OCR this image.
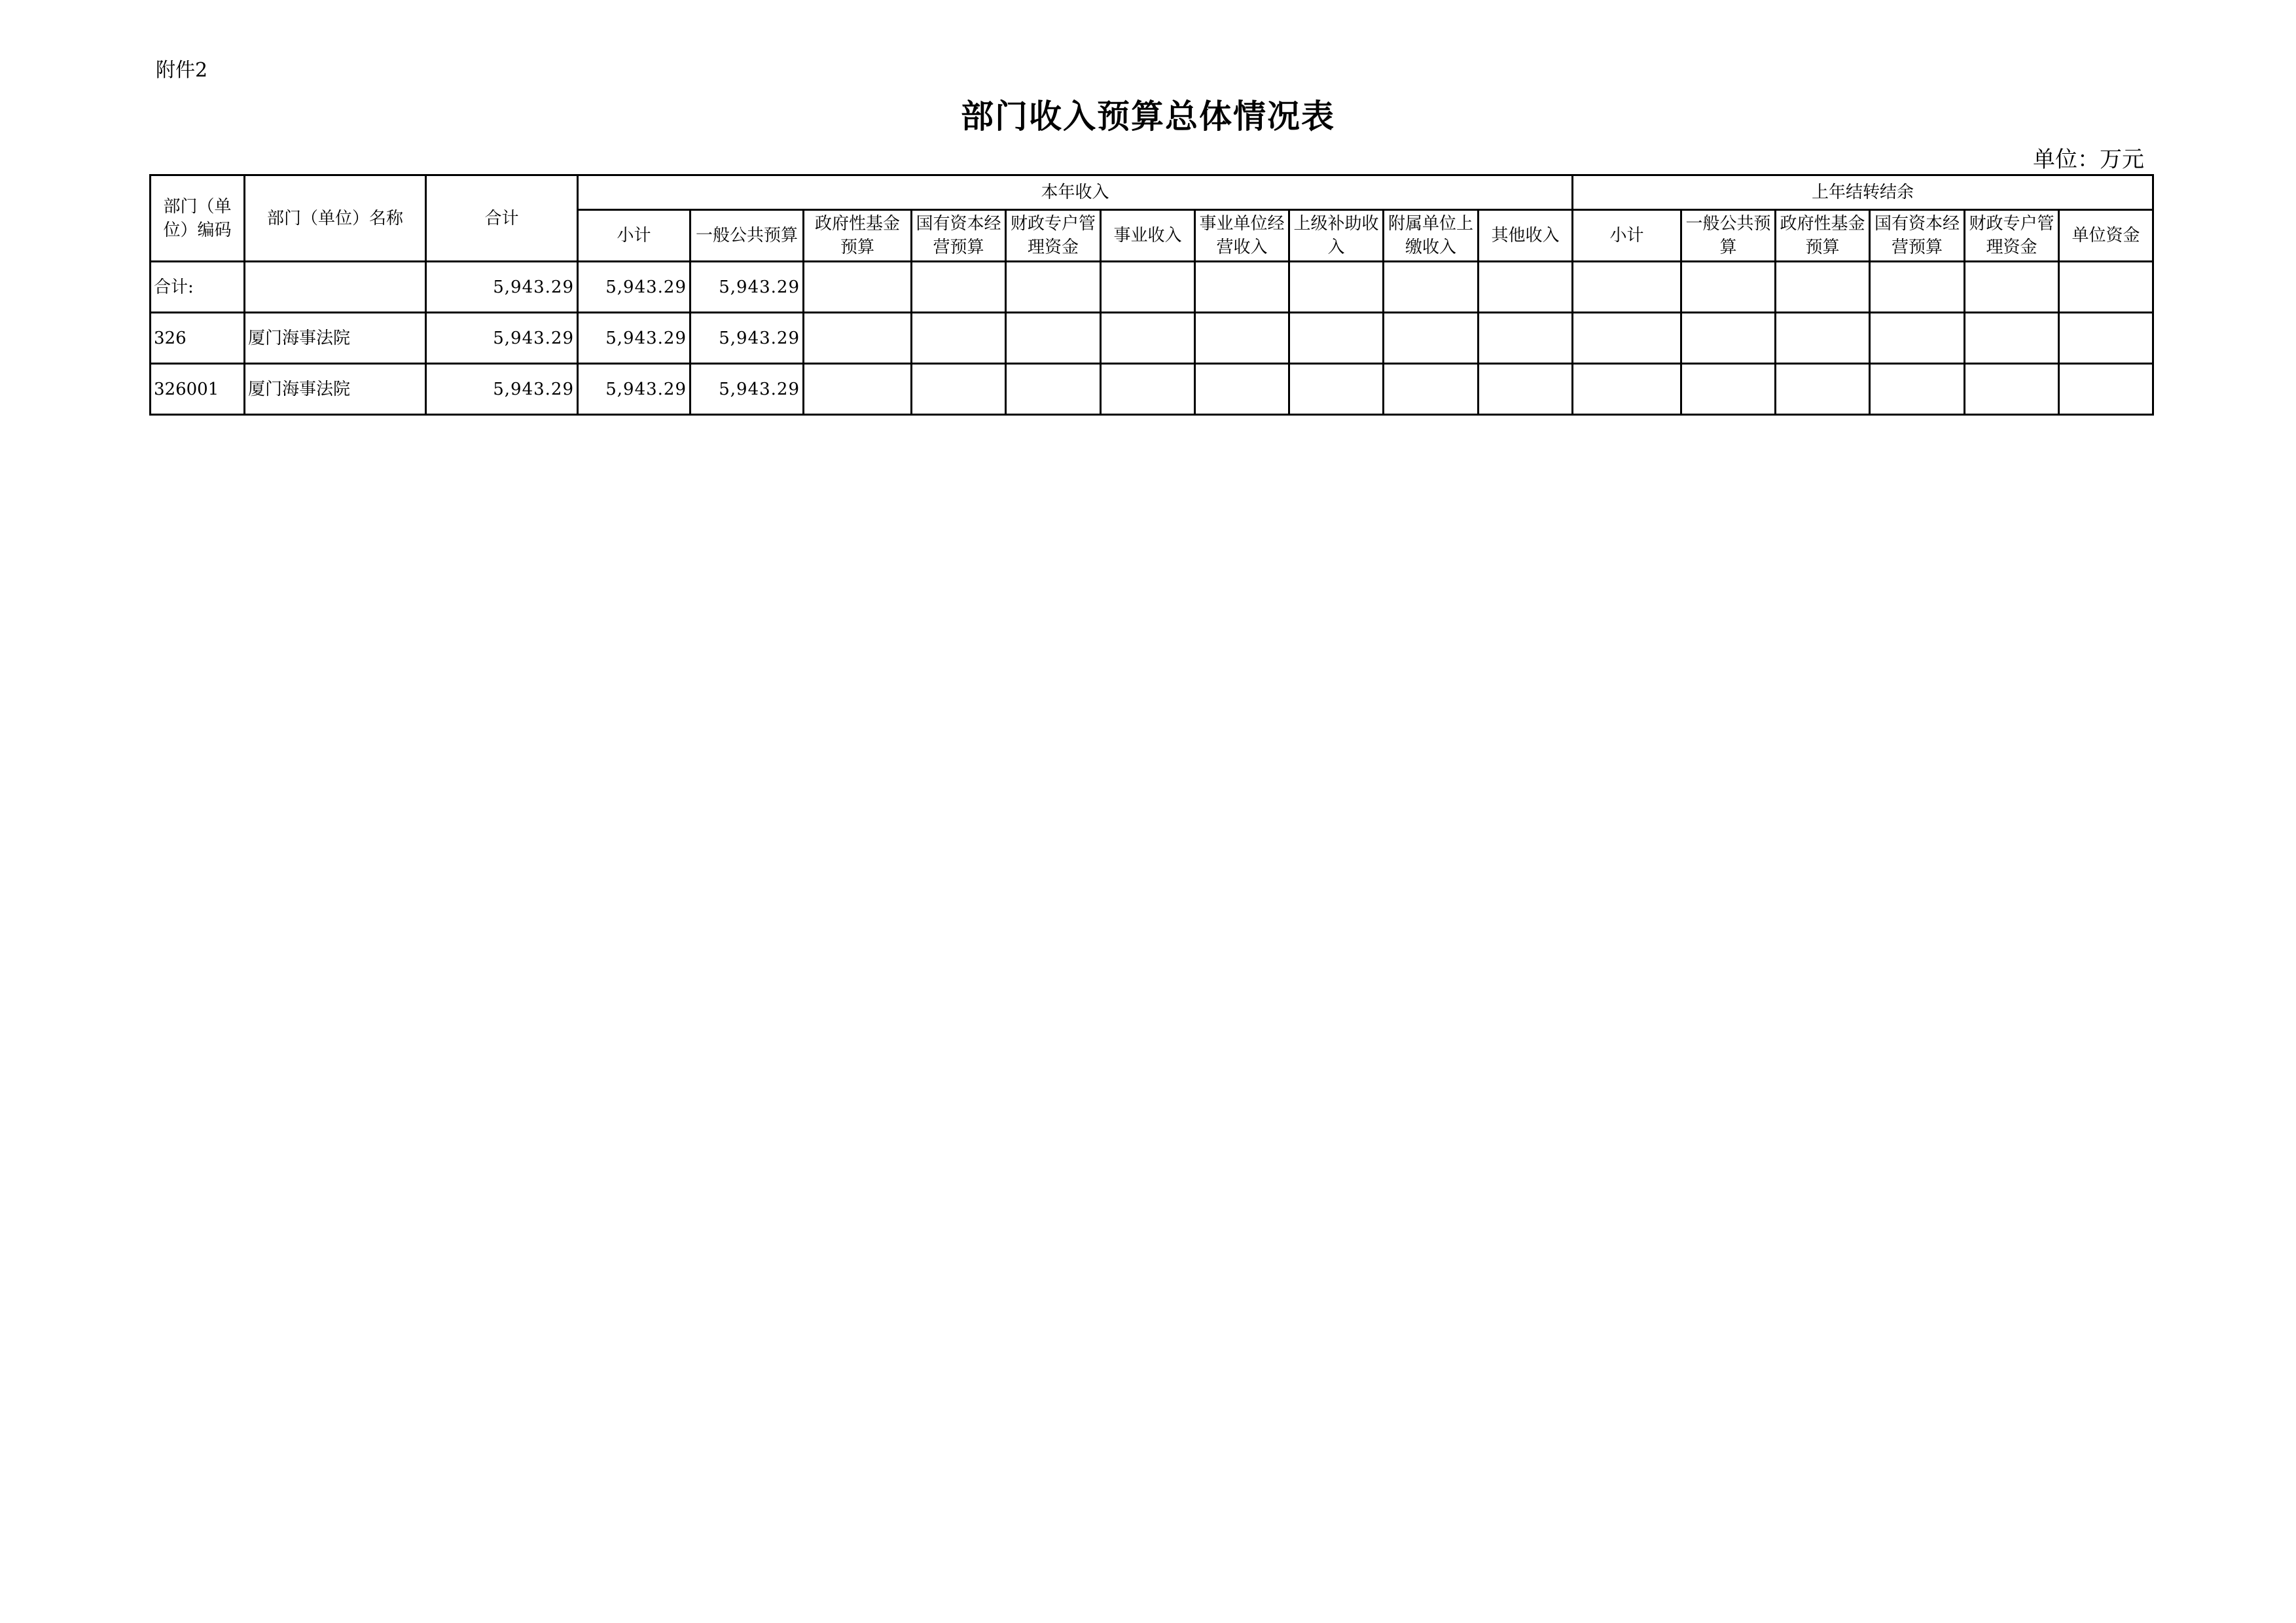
附件2
部门收入预算总体情况表
单位：万元
部门（单位）编码	部门（单位）名称	合计	本年收入										上年结转结余					
			小计	一般公共预算	政府性基金预算	国有资本经营预算	财政专户管理资金	事业收入	事业单位经营收入	上级补助收入	附属单位上缴收入	其他收入	小计	一般公共预算	政府性基金预算	国有资本经营预算	财政专户管理资金	单位资金
合计:		5,943.29	5,943.29	5,943.29														
326	厦门海事法院	5,943.29	5,943.29	5,943.29														
326001	厦门海事法院	5,943.29	5,943.29	5,943.29														
